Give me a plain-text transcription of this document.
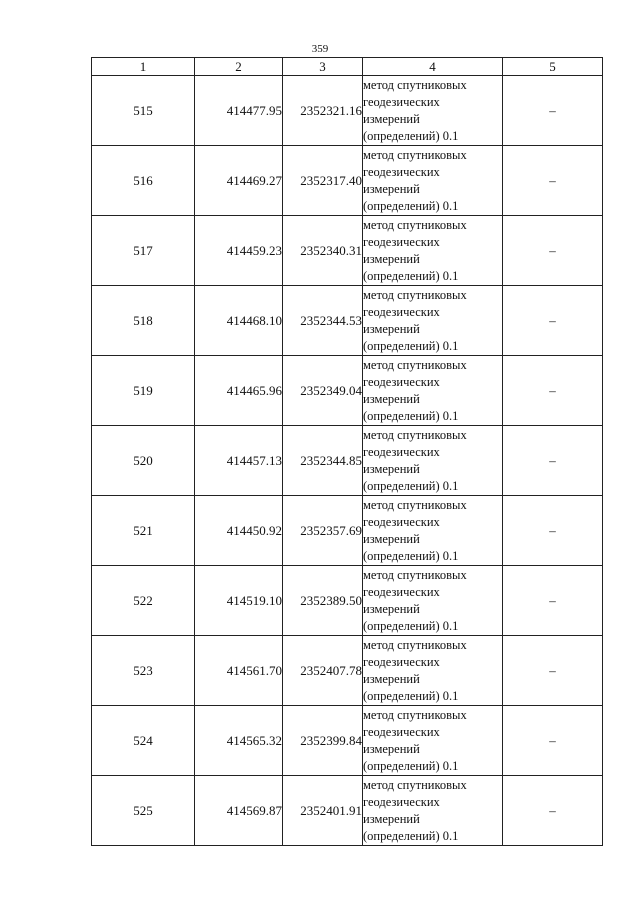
359
1	2	3	4	5
515	414477.95	2352321.16	метод спутниковых
геодезических
измерений
(определений) 0.1	–
516	414469.27	2352317.40	метод спутниковых
геодезических
измерений
(определений) 0.1	–
517	414459.23	2352340.31	метод спутниковых
геодезических
измерений
(определений) 0.1	–
518	414468.10	2352344.53	метод спутниковых
геодезических
измерений
(определений) 0.1	–
519	414465.96	2352349.04	метод спутниковых
геодезических
измерений
(определений) 0.1	–
520	414457.13	2352344.85	метод спутниковых
геодезических
измерений
(определений) 0.1	–
521	414450.92	2352357.69	метод спутниковых
геодезических
измерений
(определений) 0.1	–
522	414519.10	2352389.50	метод спутниковых
геодезических
измерений
(определений) 0.1	–
523	414561.70	2352407.78	метод спутниковых
геодезических
измерений
(определений) 0.1	–
524	414565.32	2352399.84	метод спутниковых
геодезических
измерений
(определений) 0.1	–
525	414569.87	2352401.91	метод спутниковых
геодезических
измерений
(определений) 0.1	–
